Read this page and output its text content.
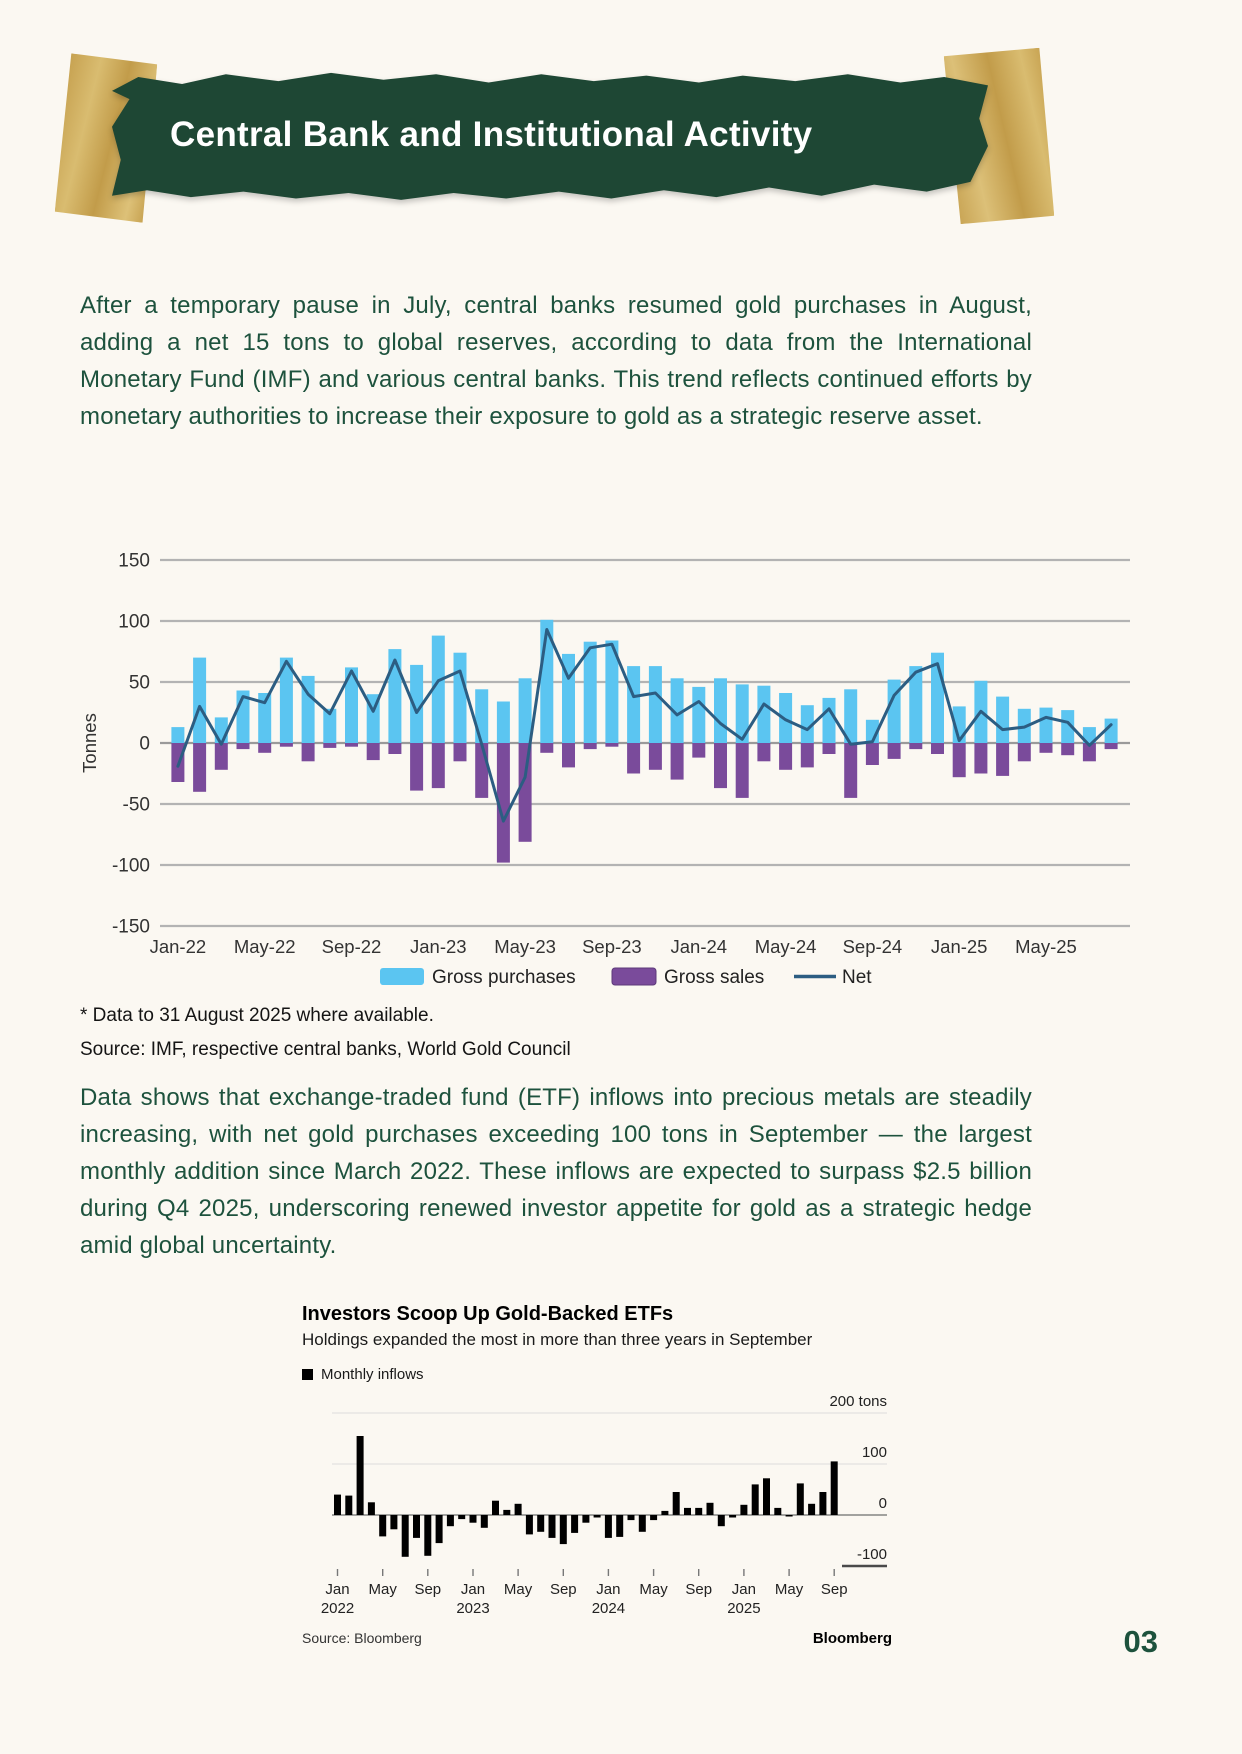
Central Bank and Institutional Activity

After a temporary pause in July, central banks resumed gold purchases in August, adding a net 15 tons to global reserves, according to data from the International Monetary Fund (IMF) and various central banks. This trend reflects continued efforts by monetary authorities to increase their exposure to gold as a strategic reserve asset.

150
100
50
0
-50
-100
-150
Jan-22 May-22 Sep-22 Jan-23 May-23 Sep-23 Jan-24 May-24 Sep-24 Jan-25 May-25
Tonnes
Gross purchases	Gross sales	Net
* Data to 31 August 2025 where available.
Source: IMF, respective central banks, World Gold Council

Data shows that exchange-traded fund (ETF) inflows into precious metals are steadily increasing, with net gold purchases exceeding 100 tons in September — the largest monthly addition since March 2022. These inflows are expected to surpass $2.5 billion during Q4 2025, underscoring renewed investor appetite for gold as a strategic hedge amid global uncertainty.

Investors Scoop Up Gold-Backed ETFs

Holdings expanded the most in more than three years in September

Monthly inflows
200 tons
100
0
-100
Jan
2022
May Sep Jan
2023
May Sep Jan
2024
May Sep Jan
2025
May Sep
Source: Bloomberg	Bloomberg	03
